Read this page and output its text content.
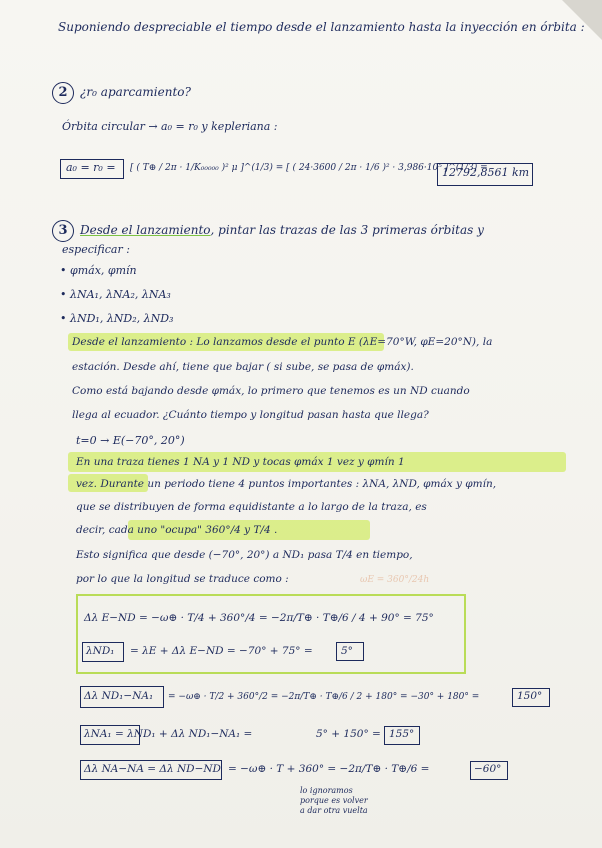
Suponiendo despreciable el tiempo desde el lanzamiento hasta la inyección en órbita :
2 ¿r₀ aparcamiento?
Órbita circular → a₀ = r₀ y kepleriana :
a₀ = r₀ = [ ( T⊕ / 2π · 1/K₀₀₀₀₀ )² μ ]^(1/3) = [ ( 24·3600 / 2π · 1/6 )² · 3,986·10⁵ ]^(1/3) =
12792,8561 km
3 Desde el lanzamiento, pintar las trazas de las 3 primeras órbitas y
especificar :
• φmáx, φmín
• λNA₁, λNA₂, λNA₃
• λND₁, λND₂, λND₃
Desde el lanzamiento : Lo lanzamos desde el punto E (λE=70°W, φE=20°N), la
estación. Desde ahí, tiene que bajar ( si sube, se pasa de φmáx).
Como está bajando desde φmáx, lo primero que tenemos es un ND cuando
llega al ecuador. ¿Cuánto tiempo y longitud pasan hasta que llega?
t=0 → E(−70°, 20°)
En una traza tienes 1 NA y 1 ND y tocas φmáx 1 vez y φmín 1
vez. Durante un periodo tiene 4 puntos importantes : λNA, λND, φmáx y φmín,
que se distribuyen de forma equidistante a lo largo de la traza, es
decir, cada uno "ocupa" 360°/4 y T/4 .
Esto significa que desde (−70°, 20°) a ND₁ pasa T/4 en tiempo,
por lo que la longitud se traduce como :	ωE = 360°/24h
Δλ E−ND = −ω⊕ · T/4 + 360°/4 = −2π/T⊕ · T⊕/6 / 4 + 90° = 75°
λND₁ = λE + Δλ E−ND = −70° + 75° =	5°
Δλ ND₁−NA₁ = −ω⊕ · T/2 + 360°/2 = −2π/T⊕ · T⊕/6 / 2 + 180° = −30° + 180° =	150°
λNA₁ = λND₁ + Δλ ND₁−NA₁ =	5° + 150° = 155°
Δλ NA−NA = Δλ ND−ND = −ω⊕ · T + 360° = −2π/T⊕ · T⊕/6 =	−60°
lo ignoramos porque es volver a dar otra vuelta
